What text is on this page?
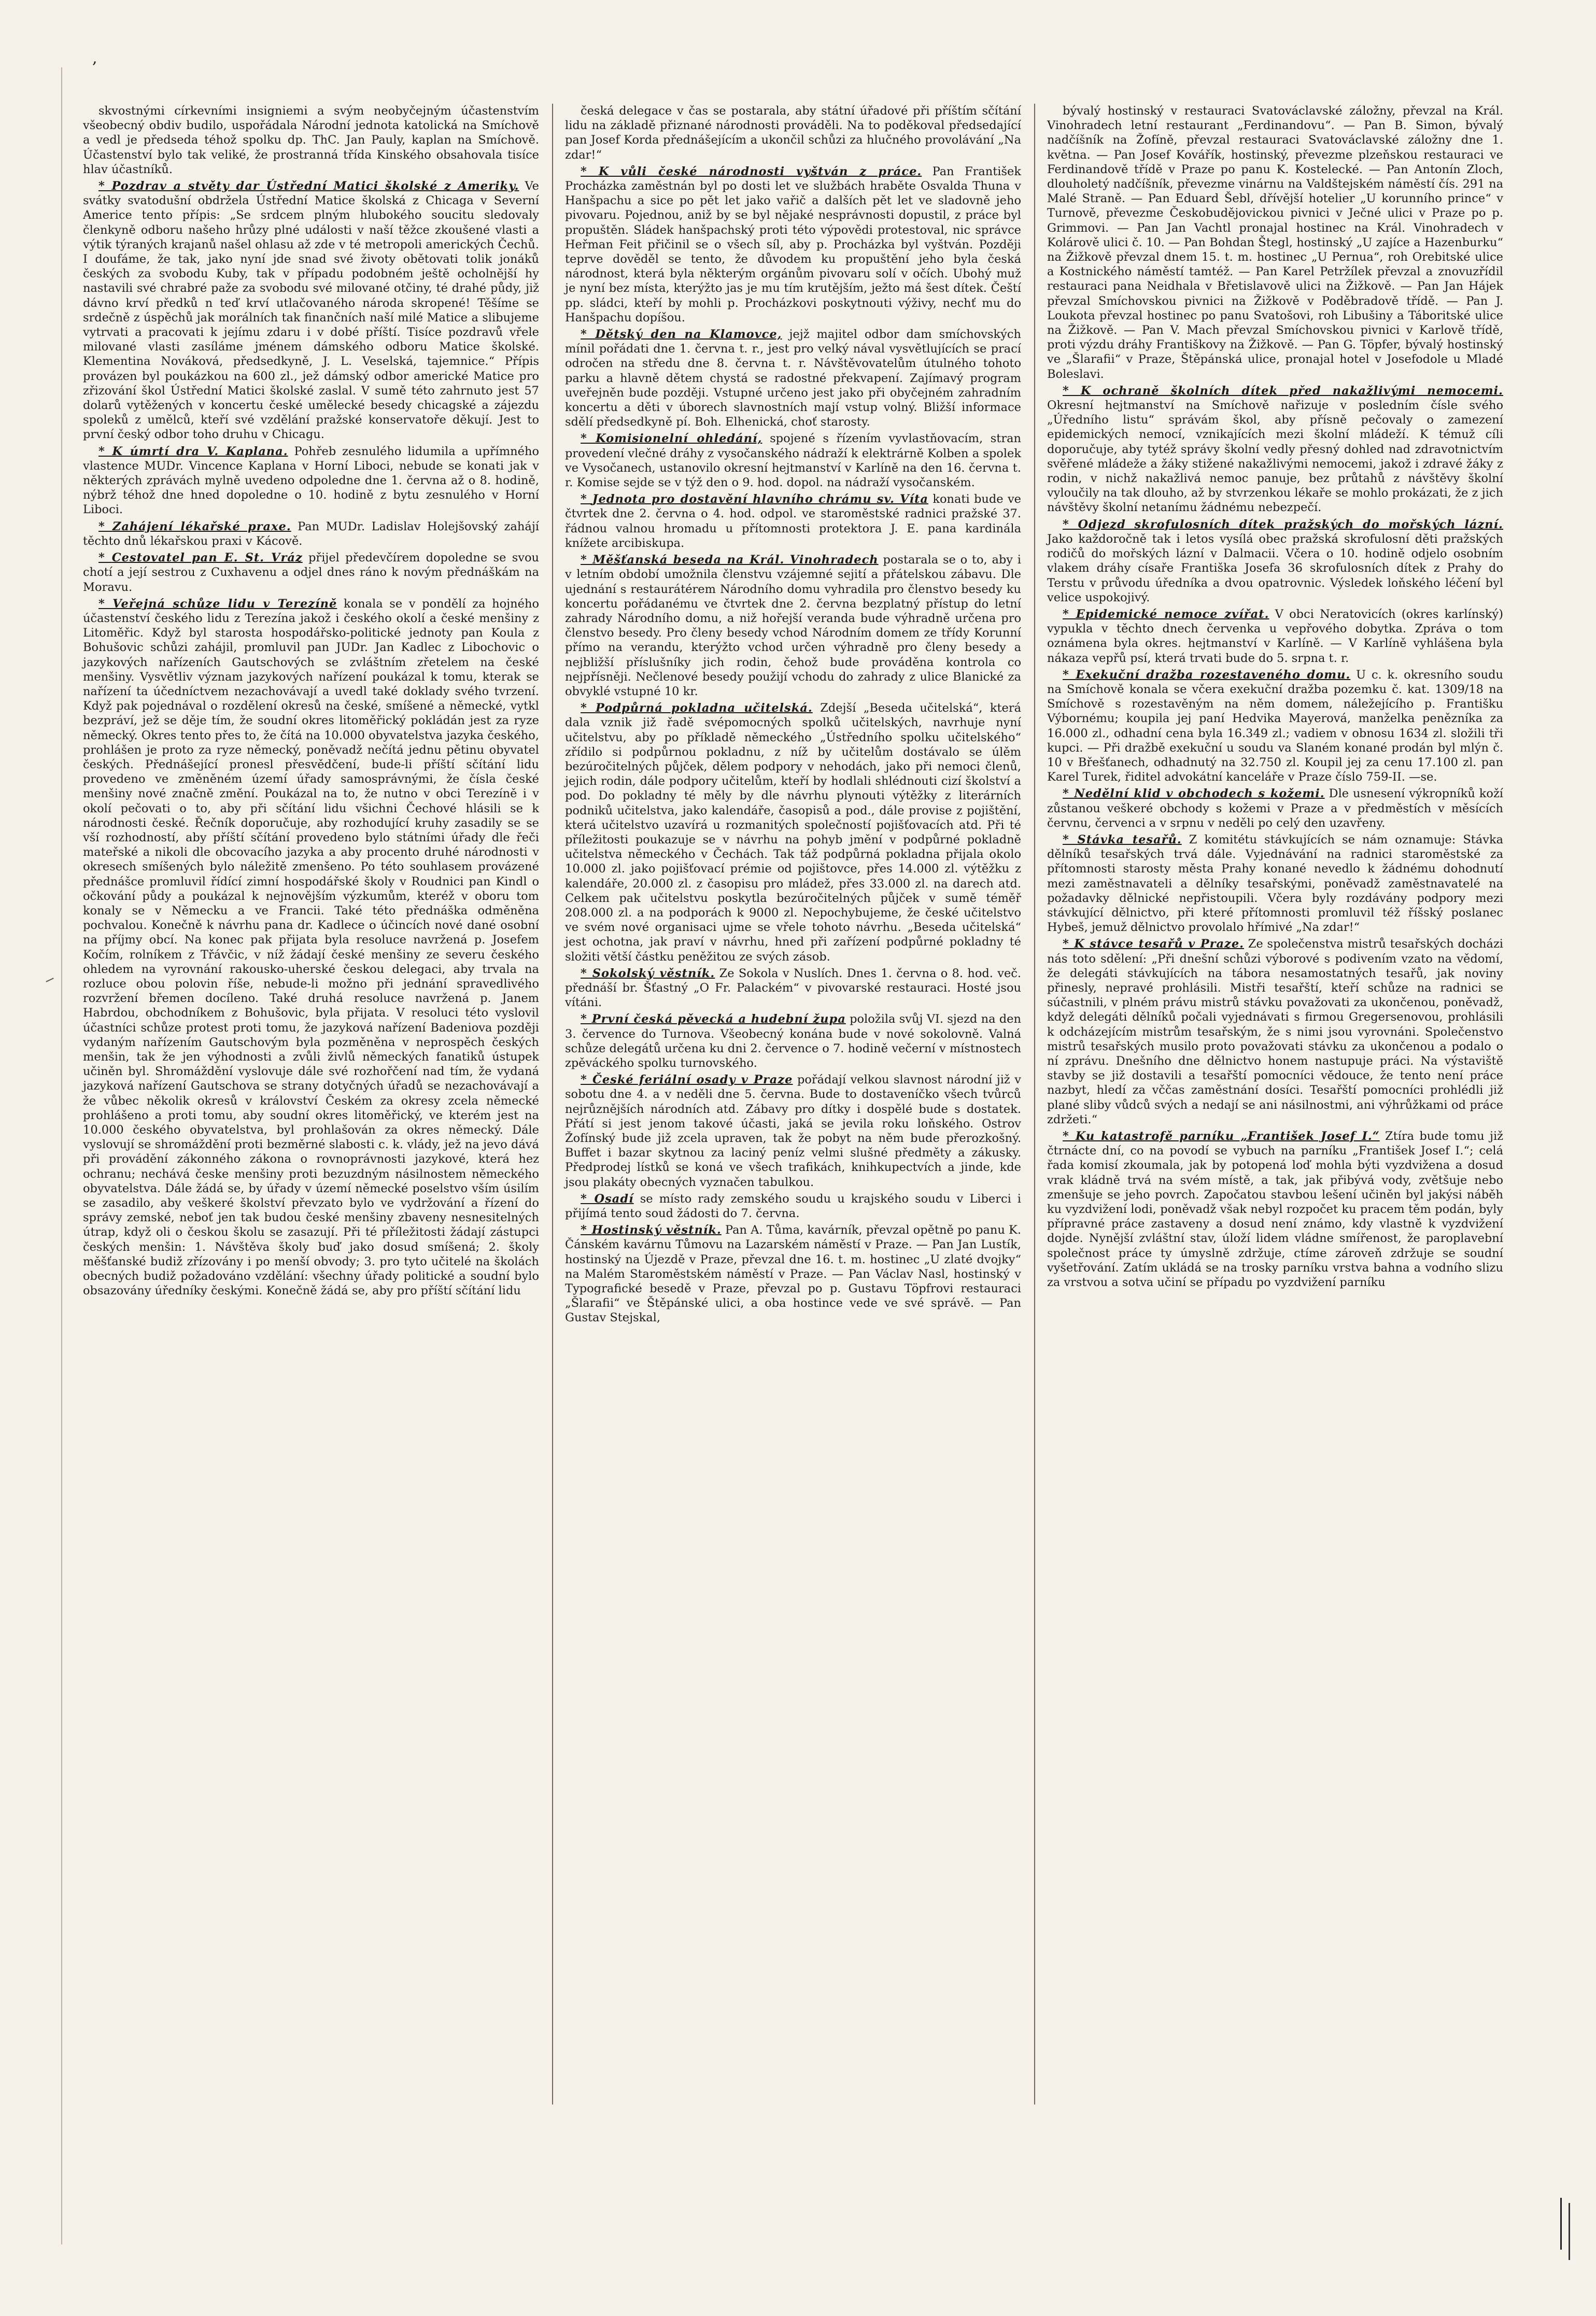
,

skvostnými církevními insigniemi a svým neobyčejným účastenstvím všeobecný obdiv budilo, uspořádala Národní jednota katolická na Smíchově a vedl je předseda téhož spolku dp. ThC. Jan Pauly, kaplan na Smíchově. Účastenství bylo tak veliké, že prostranná třída Kinského obsahovala tisíce hlav účastníků.

* Pozdrav a stvěty dar Ústřední Matici školské z Ameriky. Ve svátky svatodušní obdržela Ústřední Matice školská z Chicaga v Severní Americe tento přípis: „Se srdcem plným hlubokého soucitu sledovaly členkyně odboru našeho hrůzy plné události v naší těžce zkoušené vlasti a výtik týraných krajanů našel ohlasu až zde v té metropoli amerických Čechů. I doufáme, že tak, jako nyní jde snad své životy obětovati tolik jonáků českých za svobodu Kuby, tak v případu podobném ještě ocholnější hy nastavili své chrabré paže za svobodu své milované otčiny, té drahé půdy, již dávno krví předků n teď krví utlačovaného národa skropené! Těšíme se srdečně z úspěchů jak morálních tak finančních naší milé Matice a slibujeme vytrvati a pracovati k jejímu zdaru i v dobé příští. Tisíce pozdravů vřele milované vlasti zasíláme jménem dámského odboru Matice školské. Klementina Nováková, předsedkyně, J. L. Veselská, tajemnice.“ Přípis provázen byl poukázkou na 600 zl., jež dámský odbor americké Matice pro zřizování škol Ústřední Matici školské zaslal. V sumě této zahrnuto jest 57 dolarů vytěžených v koncertu české umělecké besedy chicagské a zájezdu spoleků z umělců, kteří své vzdělání pražské konservatoře děkují. Jest to první český odbor toho druhu v Chicagu.

* K úmrtí dra V. Kaplana. Pohřeb zesnulého lidumila a upřímného vlastence MUDr. Vincence Kaplana v Horní Liboci, nebude se konati jak v některých zprávách mylně uvedeno odpoledne dne 1. června až o 8. hodině, nýbrž téhož dne hned dopoledne o 10. hodině z bytu zesnulého v Horní Liboci.

* Zahájení lékařské praxe. Pan MUDr. Ladislav Holejšovský zahájí těchto dnů lékařskou praxi v Kácově.

* Cestovatel pan E. St. Vráz přijel předevčírem dopoledne se svou chotí a její sestrou z Cuxhavenu a odjel dnes ráno k novým přednáškám na Moravu.

* Veřejná schůze lidu v Terezíně konala se v pondělí za hojného účastenství českého lidu z Terezína jakož i českého okolí a české menšiny z Litoměřic. Když byl starosta hospodářsko-politické jednoty pan Koula z Bohušovic schůzi zahájil, promluvil pan JUDr. Jan Kadlec z Libochovic o jazykových nařízeních Gautschových se zvláštním zřetelem na české menšiny. Vysvětliv význam jazykových nařízení poukázal k tomu, kterak se nařízení ta účedníctvem nezachovávají a uvedl také doklady svého tvrzení. Když pak pojednával o rozdělení okresů na české, smíšené a německé, vytkl bezpráví, jež se děje tím, že soudní okres litoměřický pokládán jest za ryze německý. Okres tento přes to, že čítá na 10.000 obyvatelstva jazyka českého, prohlášen je proto za ryze německý, poněvadž nečítá jednu pětinu obyvatel českých. Přednášející pronesl přesvědčení, bude-li příští sčítání lidu provedeno ve změněném území úřady samosprávnými, že čísla české menšiny nové značně změní. Poukázal na to, že nutno v obci Terezíně i v okolí pečovati o to, aby při sčítání lidu všichni Čechové hlásili se k národnosti české. Řečník doporučuje, aby rozhodující kruhy zasadily se se vší rozhodností, aby příští sčítání provedeno bylo státními úřady dle řeči mateřské a nikoli dle obcovacího jazyka a aby procento druhé národnosti v okresech smíšených bylo náležitě zmenšeno. Po této souhlasem provázené přednášce promluvil řídící zimní hospodářské školy v Roudnici pan Kindl o očkování půdy a poukázal k nejnovějším výzkumům, kteréž v oboru tom konaly se v Německu a ve Francii. Také této přednáška odměněna pochvalou. Konečně k návrhu pana dr. Kadlece o účincích nové dané osobní na příjmy obcí. Na konec pak přijata byla resoluce navržená p. Josefem Kočím, rolníkem z Třávčic, v níž žádají české menšiny ze severu českého ohledem na vyrovnání rakousko-uherské českou delegaci, aby trvala na rozluce obou polovin říše, nebude-li možno při jednání spravedlivého rozvržení břemen docíleno. Také druhá resoluce navržená p. Janem Habrdou, obchodníkem z Bohušovic, byla přijata. V resoluci této vyslovil účastníci schůze protest proti tomu, že jazyková nařízení Badeniova později vydaným nařízením Gautschovým byla pozměněna v neprospěch českých menšin, tak že jen výhodnosti a zvůli živlů německých fanatiků ústupek učiněn byl. Shromáždění vyslovuje dále své rozhořčení nad tím, že vydaná jazyková nařízení Gautschova se strany dotyčných úřadů se nezachovávají a že vůbec několik okresů v království Českém za okresy zcela německé prohlášeno a proti tomu, aby soudní okres litoměřický, ve kterém jest na 10.000 českého obyvatelstva, byl prohlašován za okres německý. Dále vyslovují se shromáždění proti bezměrné slabosti c. k. vlády, jež na jevo dává při provádění zákonného zákona o rovnoprávnosti jazykové, která hez ochranu; nechává česke menšiny proti bezuzdným násilnostem německého obyvatelstva. Dále žádá se, by úřady v území německé poselstvo vším úsilím se zasadilo, aby veškeré školství převzato bylo ve vydržování a řízení do správy zemské, neboť jen tak budou české menšiny zbaveny nesnesitelných útrap, když oli o českou školu se zasazují. Při té příležitosti žádají zástupci českých menšin: 1. Návštěva školy buď jako dosud smíšená; 2. školy měšťanské budiž zřízovány i po menší obvody; 3. pro tyto učitelé na školách obecných budiž požadováno vzdělání: všechny úřady politické a soudní bylo obsazovány úředníky českými. Konečně žádá se, aby pro příští sčítání lidu

česká delegace v čas se postarala, aby státní úřadové při příštím sčítání lidu na základě přiznané národnosti prováděli. Na to poděkoval předsedající pan Josef Korda přednášejícím a ukončil schůzi za hlučného provolávání „Na zdar!“

* K vůli české národnosti vyštván z práce. Pan František Procházka zaměstnán byl po dosti let ve službách hraběte Osvalda Thuna v Hanšpachu a sice po pět let jako vařič a dalších pět let ve sladovně jeho pivovaru. Pojednou, aniž by se byl nějaké nesprávnosti dopustil, z práce byl propuštěn. Sládek hanšpachský proti této výpovědi protestoval, nic správce Heřman Feit přičinil se o všech síl, aby p. Procházka byl vyštván. Později teprve dověděl se tento, že důvodem ku propuštění jeho byla česká národnost, která byla některým orgánům pivovaru solí v očích. Ubohý muž je nyní bez místa, kterýžto jas je mu tím krutějším, ježto má šest dítek. Čeští pp. sládci, kteří by mohli p. Procházkovi poskytnouti výživy, nechť mu do Hanšpachu dopíšou.

* Dětský den na Klamovce, jejž majitel odbor dam smíchovských mínil pořádati dne 1. června t. r., jest pro velký nával vysvětlujících se prací odročen na středu dne 8. června t. r. Návštěvovatelům útulného tohoto parku a hlavně dětem chystá se radostné překvapení. Zajímavý program uveřejněn bude později. Vstupné určeno jest jako při obyčejném zahradním koncertu a děti v úborech slavnostních mají vstup volný. Bližší informace sdělí předsedkyně pí. Boh. Elhenická, choť starosty.

* Komisionelní ohledání, spojené s řízením vyvlastňovacím, stran provedení vlečné dráhy z vysočanského nádraží k elektrárně Kolben a spolek ve Vysočanech, ustanovilo okresní hejtmanství v Karlíně na den 16. června t. r. Komise sejde se v týž den o 9. hod. dopol. na nádraží vysočanském.

* Jednota pro dostavění hlavního chrámu sv. Víta konati bude ve čtvrtek dne 2. června o 4. hod. odpol. ve staroměstské radnici pražské 37. řádnou valnou hromadu u přítomnosti protektora J. E. pana kardinála knížete arcibiskupa.

* Měšťanská beseda na Král. Vinohradech postarala se o to, aby i v letním období umožnila členstvu vzájemné sejití a přátelskou zábavu. Dle ujednání s restaurátérem Národního domu vyhradila pro členstvo besedy ku koncertu pořádanému ve čtvrtek dne 2. června bezplatný přístup do letní zahrady Národního domu, a niž hořejší veranda bude výhradně určena pro členstvo besedy. Pro členy besedy vchod Národním domem ze třídy Korunní přímo na verandu, kterýžto vchod určen výhradně pro členy besedy a nejbližší příslušníky jich rodin, čehož bude prováděna kontrola co nejpřísněji. Nečlenové besedy použijí vchodu do zahrady z ulice Blanické za obvyklé vstupné 10 kr.

* Podpůrná pokladna učitelská. Zdejší „Beseda učitelská“, která dala vznik již řadě svépomocných spolků učitelských, navrhuje nyní učitelstvu, aby po příkladě německého „Ústředního spolku učitelského“ zřídilo si podpůrnou pokladnu, z níž by učitelům dostávalo se úlěm bezúročitelných půjček, dělem podpory v nehodách, jako při nemoci členů, jejich rodin, dále podpory učitelům, kteří by hodlali shlédnouti cizí školství a pod. Do pokladny té měly by dle návrhu plynouti výtěžky z literárních podniků učitelstva, jako kalendáře, časopisů a pod., dále provise z pojištění, která učitelstvo uzavírá u rozmanitých společností pojišťovacích atd. Při té příležitosti poukazuje se v návrhu na pohyb jmění v podpůrné pokladně učitelstva německého v Čechách. Tak táž podpůrná pokladna přijala okolo 10.000 zl. jako pojišťovací prémie od pojištovce, přes 14.000 zl. výtěžku z kalendáře, 20.000 zl. z časopisu pro mládež, přes 33.000 zl. na darech atd. Celkem pak učitelstvu poskytla bezúročitelných půjček v sumě téměř 208.000 zl. a na podporách k 9000 zl. Nepochybujeme, že české učitelstvo ve svém nové organisaci ujme se vřele tohoto návrhu. „Beseda učitelská“ jest ochotna, jak praví v návrhu, hned při zařízení podpůrné pokladny té složiti větší částku peněžitou ze svých zásob.

* Sokolský věstník. Ze Sokola v Nuslích. Dnes 1. června o 8. hod. več. přednáší br. Šťastný „O Fr. Palackém“ v pivovarské restauraci. Hosté jsou vítáni.

* První česká pěvecká a hudební župa položila svůj VI. sjezd na den 3. července do Turnova. Všeobecný konána bude v nové sokolovně. Valná schůze delegátů určena ku dni 2. července o 7. hodině večerní v místnostech zpěváckého spolku turnovského.

* České feriální osady v Praze pořádají velkou slavnost národní již v sobotu dne 4. a v neděli dne 5. června. Bude to dostaveníčko všech tvůrců nejrůznějších národních atd. Zábavy pro dítky i dospělé bude s dostatek. Přátí si jest jenom takové účasti, jaká se jevila roku loňského. Ostrov Žofínský bude již zcela upraven, tak že pobyt na něm bude přerozkošný. Buffet i bazar skytnou za laciný peníz velmi slušné předměty a zákusky. Předprodej lístků se koná ve všech trafikách, knihkupectvích a jinde, kde jsou plakáty obecných vyznačen tabulkou.

* Osadí se místo rady zemského soudu u krajského soudu v Liberci i přijímá tento soud žádosti do 7. června.

* Hostinský věstník. Pan A. Tůma, kavárník, převzal opětně po panu K. Čánském kavárnu Tůmovu na Lazarském náměstí v Praze. — Pan Jan Lustík, hostinský na Újezdě v Praze, převzal dne 16. t. m. hostinec „U zlaté dvojky“ na Malém Staroměstském náměstí v Praze. — Pan Václav Nasl, hostinský v Typografické besedě v Praze, převzal po p. Gustavu Töpfrovi restauraci „Šlarafii“ ve Štěpánské ulici, a oba hostince vede ve své správě. — Pan Gustav Stejskal,

bývalý hostinský v restauraci Svatováclavské záložny, převzal na Král. Vinohradech letní restaurant „Ferdinandovu“. — Pan B. Simon, bývalý nadčíšník na Žofíně, převzal restauraci Svatováclavské záložny dne 1. května. — Pan Josef Kovářík, hostinský, převezme plzeňskou restauraci ve Ferdinandově třídě v Praze po panu K. Kostelecké. — Pan Antonín Zloch, dlouholetý nadčíšník, převezme vinárnu na Valdštejském náměstí čís. 291 na Malé Straně. — Pan Eduard Šebl, dřívější hotelier „U korunního prince“ v Turnově, převezme Českobudějovickou pivnici v Ječné ulici v Praze po p. Grimmovi. — Pan Jan Vachtl pronajal hostinec na Král. Vinohradech v Kolárově ulici č. 10. — Pan Bohdan Štegl, hostinský „U zajíce a Hazenburku“ na Žižkově převzal dnem 15. t. m. hostinec „U Pernua“, roh Orebitské ulice a Kostnického náměstí tamtéž. — Pan Karel Petržílek převzal a znovuzřídil restauraci pana Neidhala v Břetislavově ulici na Žižkově. — Pan Jan Hájek převzal Smíchovskou pivnici na Žižkově v Poděbradově třídě. — Pan J. Loukota převzal hostinec po panu Svatošovi, roh Libušiny a Táboritské ulice na Žižkově. — Pan V. Mach převzal Smíchovskou pivnici v Karlově třídě, proti výzdu dráhy Františkovy na Žižkově. — Pan G. Töpfer, bývalý hostinský ve „Šlarafii“ v Praze, Štěpánská ulice, pronajal hotel v Josefodole u Mladé Boleslavi.

* K ochraně školních dítek před nakažlivými nemocemi. Okresní hejtmanství na Smíchově nařizuje v posledním čísle svého „Úředního listu“ správám škol, aby přísně pečovaly o zamezení epidemických nemocí, vznikajících mezi školní mládeží. K témuž cíli doporučuje, aby tytéž správy školní vedly přesný dohled nad zdravotnictvím svěřené mládeže a žáky stižené nakažlivými nemocemi, jakož i zdravé žáky z rodin, v nichž nakažlivá nemoc panuje, bez průtahů z návštěvy školní vyloučily na tak dlouho, až by stvrzenkou lékaře se mohlo prokázati, že z jich návštěvy školní netanímu žádnému nebezpečí.

* Odjezd skrofulosních dítek pražských do mořských lázní. Jako každoročně tak i letos vysílá obec pražská skrofulosní děti pražských rodičů do mořských lázní v Dalmacii. Včera o 10. hodině odjelo osobním vlakem dráhy císaře Františka Josefa 36 skrofulosních dítek z Prahy do Terstu v průvodu úředníka a dvou opatrovnic. Výsledek loňského léčení byl velice uspokojivý.

* Epidemické nemoce zvířat. V obci Neratovicích (okres karlínský) vypukla v těchto dnech červenka u vepřového dobytka. Zpráva o tom oznámena byla okres. hejtmanství v Karlíně. — V Karlíně vyhlášena byla nákaza vepřů psí, která trvati bude do 5. srpna t. r.

* Exekuční dražba rozestaveného domu. U c. k. okresního soudu na Smíchově konala se včera exekuční dražba pozemku č. kat. 1309/18 na Smíchově s rozestavěným na něm domem, náležejícího p. Františku Výbornému; koupila jej paní Hedvika Mayerová, manželka penězníka za 16.000 zl., odhadní cena byla 16.349 zl.; vadiem v obnosu 1634 zl. složili tři kupci. — Při dražbě exekuční u soudu va Slaném konané prodán byl mlýn č. 10 v Břešťanech, odhadnutý na 32.750 zl. Koupil jej za cenu 17.100 zl. pan Karel Turek, řiditel advokátní kanceláře v Praze číslo 759-II. —se.

* Nedělní klid v obchodech s kožemi. Dle usnesení výkropníků koží zůstanou veškeré obchody s kožemi v Praze a v předměstích v měsících červnu, červenci a v srpnu v neděli po celý den uzavřeny.

* Stávka tesařů. Z komitétu stávkujících se nám oznamuje: Stávka dělníků tesařských trvá dále. Vyjednávání na radnici staroměstské za přítomnosti starosty města Prahy konané nevedlo k žádnému dohodnutí mezi zaměstnavateli a dělníky tesařskými, poněvadž zaměstnavatelé na požadavky dělnické nepřistoupili. Včera byly rozdávány podpory mezi stávkující dělnictvo, při které přítomnosti promluvil též říšský poslanec Hybeš, jemuž dělnictvo provolalo hřímivé „Na zdar!“

* K stávce tesařů v Praze. Ze společenstva mistrů tesařských docházi nás toto sdělení: „Při dnešní schůzi výborové s podivením vzato na vědomí, že delegáti stávkujících na tábora nesamostatných tesařů, jak noviny přinesly, nepravé prohlásili. Mistři tesařští, kteří schůze na radnici se súčastnili, v plném právu mistrů stávku považovati za ukončenou, poněvadž, když delegáti dělníků počali vyjednávati s firmou Gregersenovou, prohlásili k odcházejícím mistrům tesařským, že s nimi jsou vyrovnáni. Společenstvo mistrů tesařských musilo proto považovati stávku za ukončenou a podalo o ní zprávu. Dnešního dne dělnictvo honem nastupuje práci. Na výstaviště stavby se již dostavili a tesařští pomocníci vědouce, že tento není práce nazbyt, hledí za vččas zaměstnání dosíci. Tesařští pomocníci prohlédli již plané sliby vůdců svých a nedají se ani násilnostmi, ani výhrůžkami od práce zdržeti.“

* Ku katastrofě parníku „František Josef I.“ Ztíra bude tomu již čtrnácte dní, co na povodí se vybuch na parníku „František Josef I.“; celá řada komisí zkoumala, jak by potopená loď mohla býti vyzdvižena a dosud vrak kládně trvá na svém místě, a tak, jak přibývá vody, zvětšuje nebo zmenšuje se jeho povrch. Započatou stavbou lešení učiněn byl jakýsi náběh ku vyzdvižení lodi, poněvadž však nebyl rozpočet ku pracem těm podán, byly přípravné práce zastaveny a dosud není známo, kdy vlastně k vyzdvižení dojde. Nynější zvláštní stav, úloží lidem vládne smířenost, že paroplavební společnost práce ty úmyslně zdržuje, ctíme zároveň zdržuje se soudní vyšetřování. Zatím ukládá se na trosky parníku vrstva bahna a vodního slizu za vrstvou a sotva učiní se případu po vyzdvižení parníku
